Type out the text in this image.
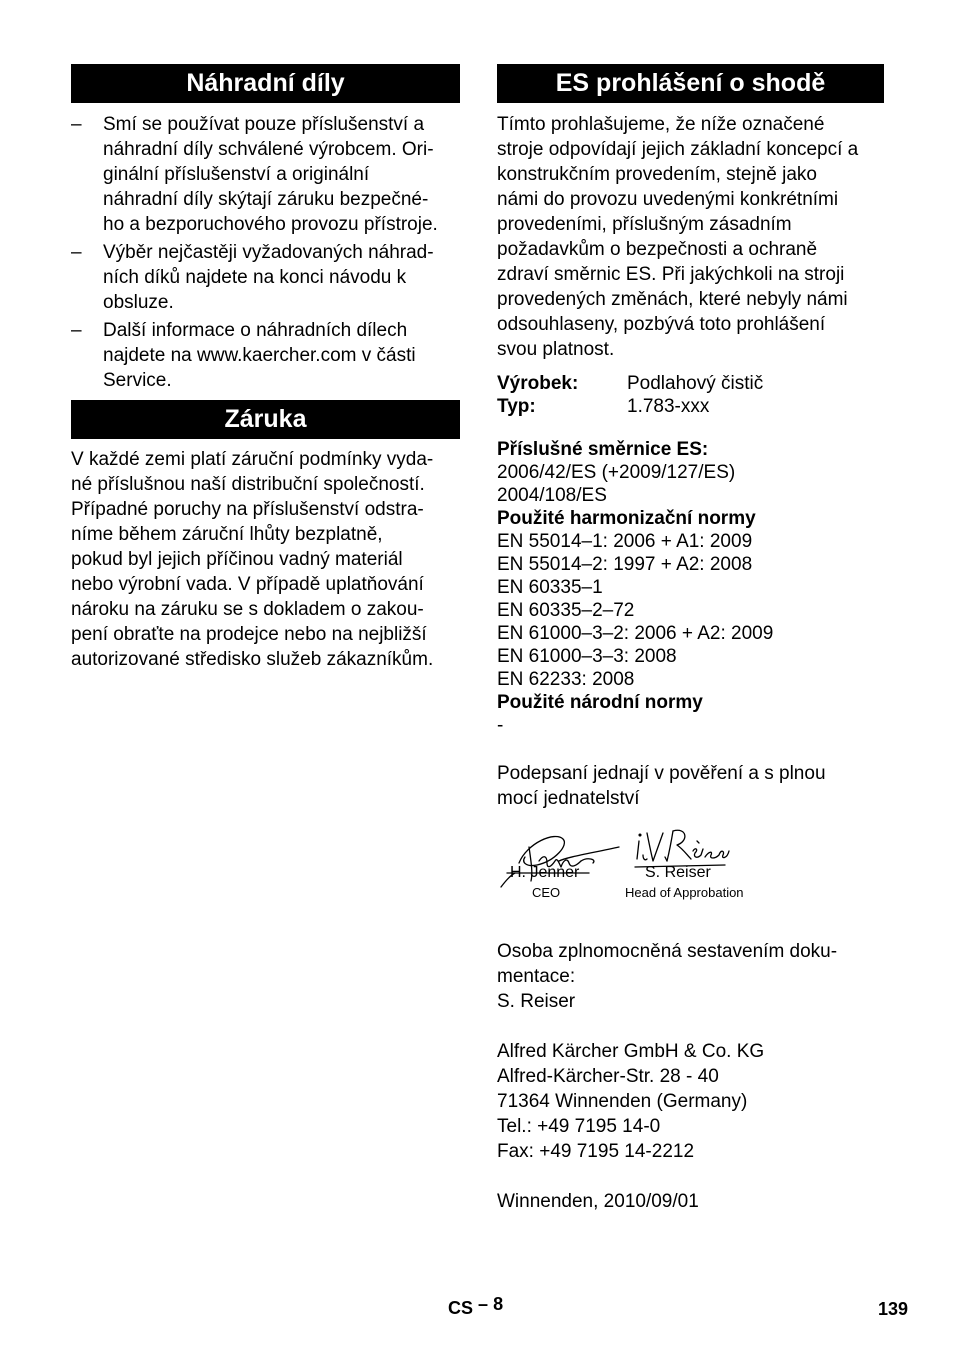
Náhradní díly
– Smí se používat pouze příslušenství a
náhradní díly schválené výrobcem. Ori-
ginální příslušenství a originální
náhradní díly skýtají záruku bezpečné-
ho a bezporuchového provozu přístroje.
– Výběr nejčastěji vyžadovaných náhrad-
ních díků najdete na konci návodu k
obsluze.
– Další informace o náhradních dílech
najdete na www.kaercher.com v části
Service.
Záruka
V každé zemi platí záruční podmínky vyda-
né příslušnou naší distribuční společností.
Případné poruchy na příslušenství odstra-
níme během záruční lhůty bezplatně,
pokud byl jejich příčinou vadný materiál
nebo výrobní vada. V případě uplatňování
nároku na záruku se s dokladem o zakou-
pení obraťte na prodejce nebo na nejbližší
autorizované středisko služeb zákazníkům.
ES prohlášení o shodě
Tímto prohlašujeme, že níže označené
stroje odpovídají jejich základní koncepcí a
konstrukčním provedením, stejně jako
námi do provozu uvedenými konkrétními
provedeními, příslušným zásadním
požadavkům o bezpečnosti a ochraně
zdraví směrnic ES. Při jakýchkoli na stroji
provedených změnách, které nebyly námi
odsouhlaseny, pozbývá toto prohlášení
svou platnost.
Výrobek:	Podlahový čistič
Typ:	1.783-xxx
Příslušné směrnice ES:
2006/42/ES (+2009/127/ES)
2004/108/ES
Použité harmonizační normy
EN 55014–1: 2006 + A1: 2009
EN 55014–2: 1997 + A2: 2008
EN 60335–1
EN 60335–2–72
EN 61000–3–2: 2006 + A2: 2009
EN 61000–3–3: 2008
EN 62233: 2008
Použité národní normy
-
Podepsaní jednají v pověření a s plnou
mocí jednatelství
H. Jenner
CEO
S. Reiser
Head of Approbation
Osoba zplnomocněná sestavením doku-
mentace:
S. Reiser
Alfred Kärcher GmbH & Co. KG
Alfred-Kärcher-Str. 28 - 40
71364 Winnenden (Germany)
Tel.: +49 7195 14-0
Fax: +49 7195 14-2212
Winnenden, 2010/09/01
CS – 8	139
